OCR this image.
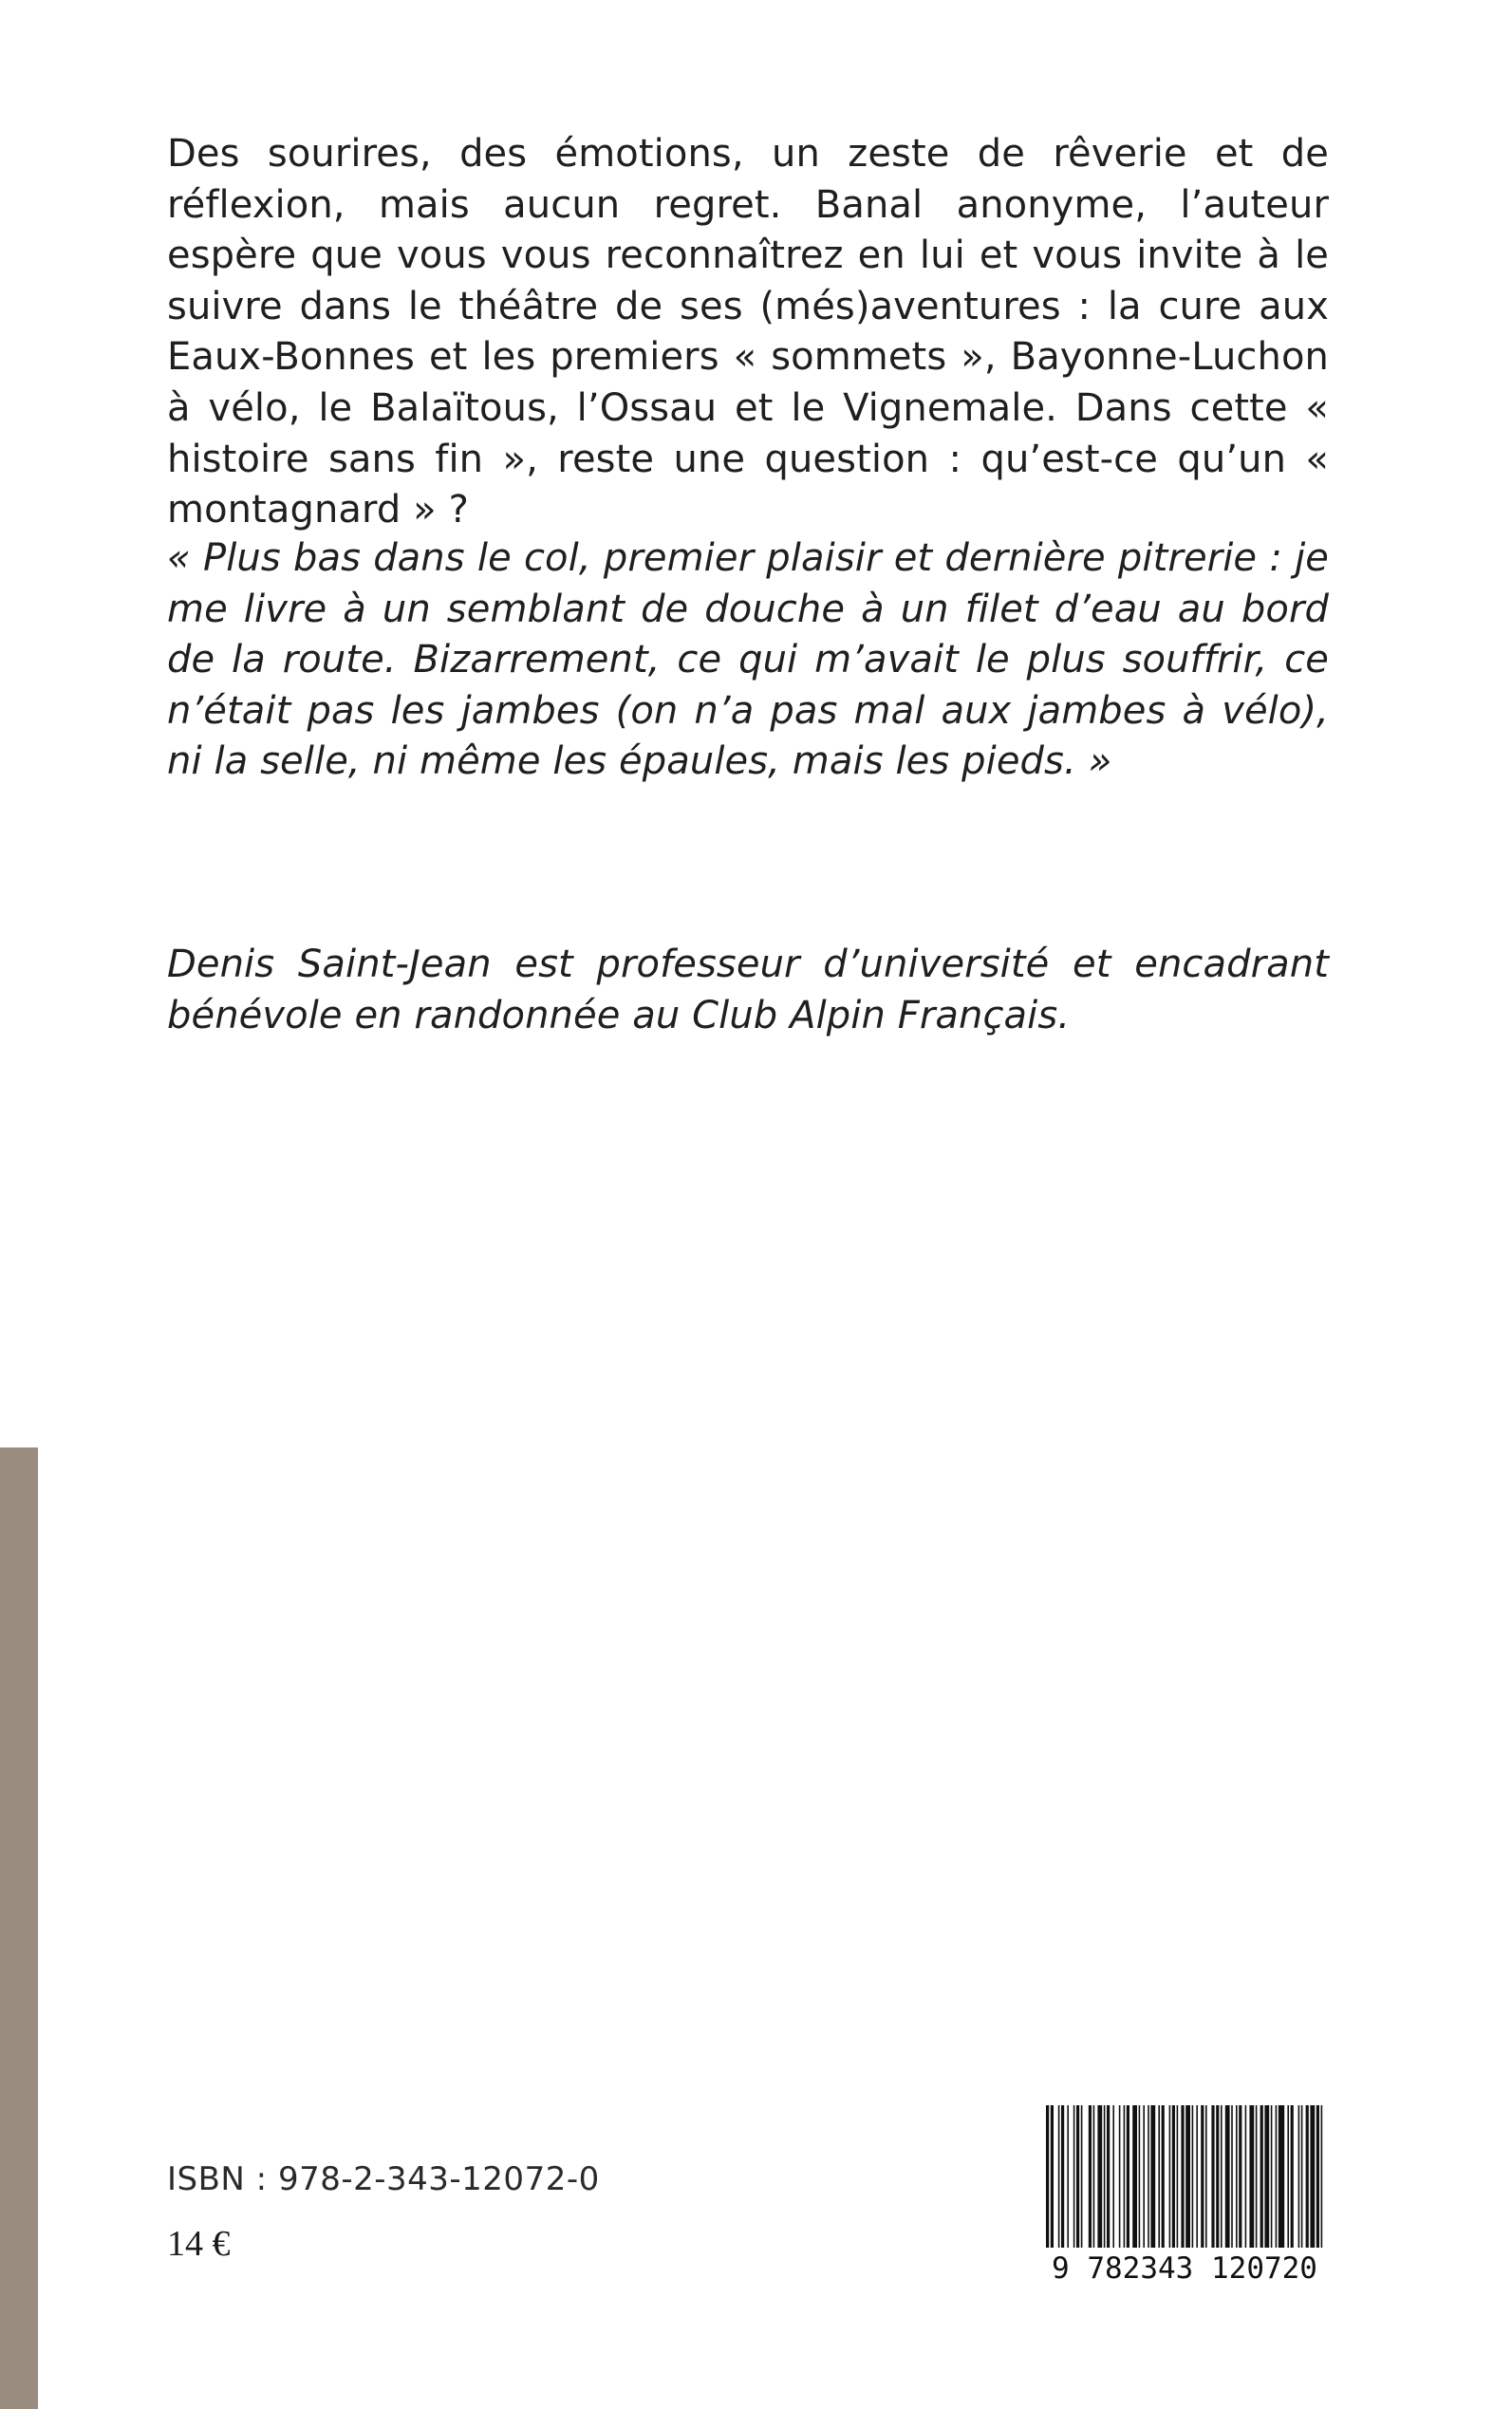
Des sourires, des émotions, un zeste de rêverie et de réflexion, mais aucun regret. Banal anonyme, l’auteur espère que vous vous reconnaîtrez en lui et vous invite à le suivre dans le théâtre de ses (més)aventures : la cure aux Eaux-Bonnes et les premiers « sommets », Bayonne-Luchon à vélo, le Balaïtous, l’Ossau et le Vignemale. Dans cette « histoire sans fin », reste une question : qu’est-ce qu’un « montagnard » ?

« Plus bas dans le col, premier plaisir et dernière pitrerie : je me livre à un semblant de douche à un filet d’eau au bord de la route. Bizarrement, ce qui m’avait le plus souffrir, ce n’était pas les jambes (on n’a pas mal aux jambes à vélo), ni la selle, ni même les épaules, mais les pieds. »

Denis Saint-Jean est professeur d’université et encadrant bénévole en randonnée au Club Alpin Français.

ISBN : 978-2-343-12072-0

14 €

9 782343 120720
